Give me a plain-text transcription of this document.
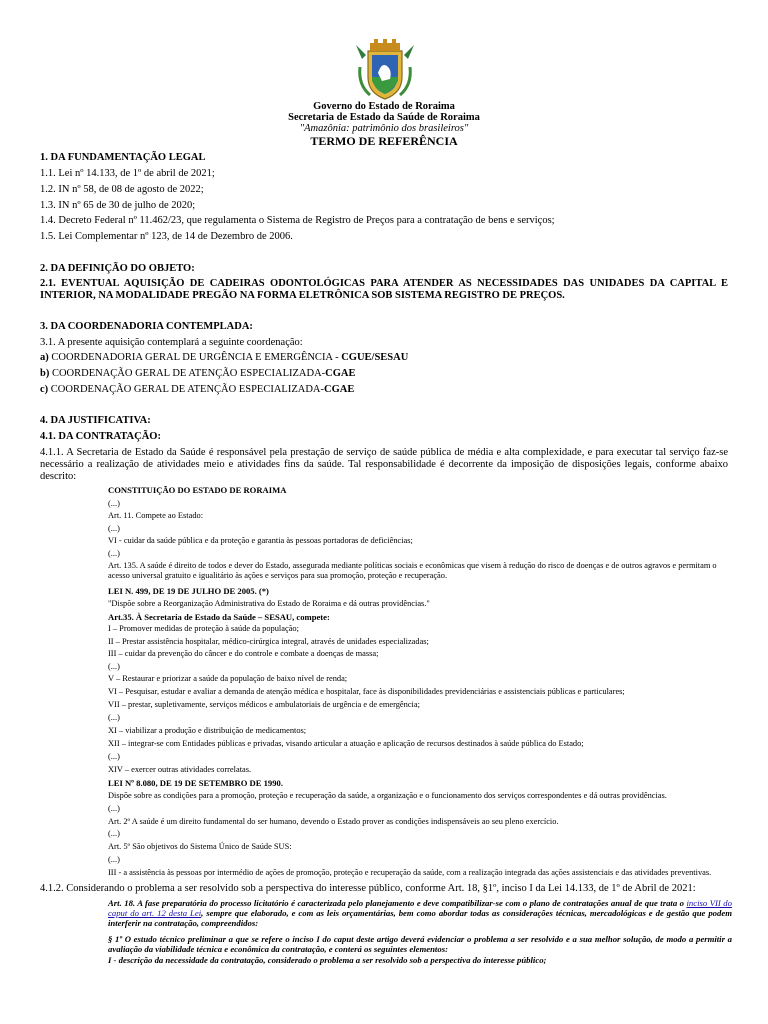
Governo do Estado de Roraima
Secretaria de Estado da Saúde de Roraima
"Amazônia: patrimônio dos brasileiros"
TERMO DE REFERÊNCIA
1. DA FUNDAMENTAÇÃO LEGAL
1.1. Lei nº 14.133, de 1º de abril de 2021;
1.2. IN nº 58, de 08 de agosto de 2022;
1.3. IN nº 65 de 30 de julho de 2020;
1.4. Decreto Federal nº 11.462/23, que regulamenta o Sistema de Registro de Preços para a contratação de bens e serviços;
1.5. Lei Complementar nº 123, de 14 de Dezembro de 2006.
2. DA DEFINIÇÃO DO OBJETO:
2.1. EVENTUAL AQUISIÇÃO DE CADEIRAS ODONTOLÓGICAS PARA ATENDER AS NECESSIDADES DAS UNIDADES DA CAPITAL E INTERIOR, NA MODALIDADE PREGÃO NA FORMA ELETRÔNICA SOB SISTEMA REGISTRO DE PREÇOS.
3. DA COORDENADORIA CONTEMPLADA:
3.1. A presente aquisição contemplará a seguinte coordenação:
a) COORDENADORIA GERAL DE URGÊNCIA E EMERGÊNCIA - CGUE/SESAU
b) COORDENAÇÃO GERAL DE ATENÇÃO ESPECIALIZADA-CGAE
c) COORDENAÇÃO GERAL DE ATENÇÃO ESPECIALIZADA-CGAE
4. DA JUSTIFICATIVA:
4.1. DA CONTRATAÇÃO:
4.1.1. A Secretaria de Estado da Saúde é responsável pela prestação de serviço de saúde pública de média e alta complexidade, e para executar tal serviço faz-se necessário a realização de atividades meio e atividades fins da saúde. Tal responsabilidade é decorrente da imposição de disposições legais, conforme abaixo descrito:
CONSTITUIÇÃO DO ESTADO DE RORAIMA
(...)
Art. 11. Compete ao Estado:
(...)
VI - cuidar da saúde pública e da proteção e garantia às pessoas portadoras de deficiências;
(...)
Art. 135. A saúde é direito de todos e dever do Estado, assegurada mediante políticas sociais e econômicas que visem à redução do risco de doenças e de outros agravos e permitam o acesso universal gratuito e igualitário às ações e serviços para sua promoção, proteção e recuperação.
LEI N. 499, DE 19 DE JULHO DE 2005. (*)
"Dispõe sobre a Reorganização Administrativa do Estado de Roraima e dá outras providências."
Art.35. À Secretaria de Estado da Saúde – SESAU, compete:
I – Promover medidas de proteção à saúde da população;
II – Prestar assistência hospitalar, médico-cirúrgica integral, através de unidades especializadas;
III – cuidar da prevenção do câncer e do controle e combate a doenças de massa;
(...)
V – Restaurar e priorizar a saúde da população de baixo nível de renda;
VI – Pesquisar, estudar e avaliar a demanda de atenção médica e hospitalar, face às disponibilidades previdenciárias e assistenciais públicas e particulares;
VII – prestar, supletivamente, serviços médicos e ambulatoriais de urgência e de emergência;
(...)
XI – viabilizar a produção e distribuição de medicamentos;
XII – integrar-se com Entidades públicas e privadas, visando articular a atuação e aplicação de recursos destinados à saúde pública do Estado;
(...)
XIV – exercer outras atividades correlatas.
LEI Nº 8.080, DE 19 DE SETEMBRO DE 1990.
Dispõe sobre as condições para a promoção, proteção e recuperação da saúde, a organização e o funcionamento dos serviços correspondentes e dá outras providências.
(...)
Art. 2º A saúde é um direito fundamental do ser humano, devendo o Estado prover as condições indispensáveis ao seu pleno exercício.
(...)
Art. 5º São objetivos do Sistema Único de Saúde SUS:
(...)
III - a assistência às pessoas por intermédio de ações de promoção, proteção e recuperação da saúde, com a realização integrada das ações assistenciais e das atividades preventivas.
4.1.2. Considerando o problema a ser resolvido sob a perspectiva do interesse público, conforme Art. 18, §1º, inciso I da Lei 14.133, de 1º de Abril de 2021:
Art. 18. A fase preparatória do processo licitatório é caracterizada pelo planejamento e deve compatibilizar-se com o plano de contratações anual de que trata o inciso VII do caput do art. 12 desta Lei, sempre que elaborado, e com as leis orçamentárias, bem como abordar todas as considerações técnicas, mercadológicas e de gestão que podem interferir na contratação, compreendidos:
§ 1º O estudo técnico preliminar a que se refere o inciso I do caput deste artigo deverá evidenciar o problema a ser resolvido e a sua melhor solução, de modo a permitir a avaliação da viabilidade técnica e econômica da contratação, e conterá os seguintes elementos:
I - descrição da necessidade da contratação, considerado o problema a ser resolvido sob a perspectiva do interesse público;
